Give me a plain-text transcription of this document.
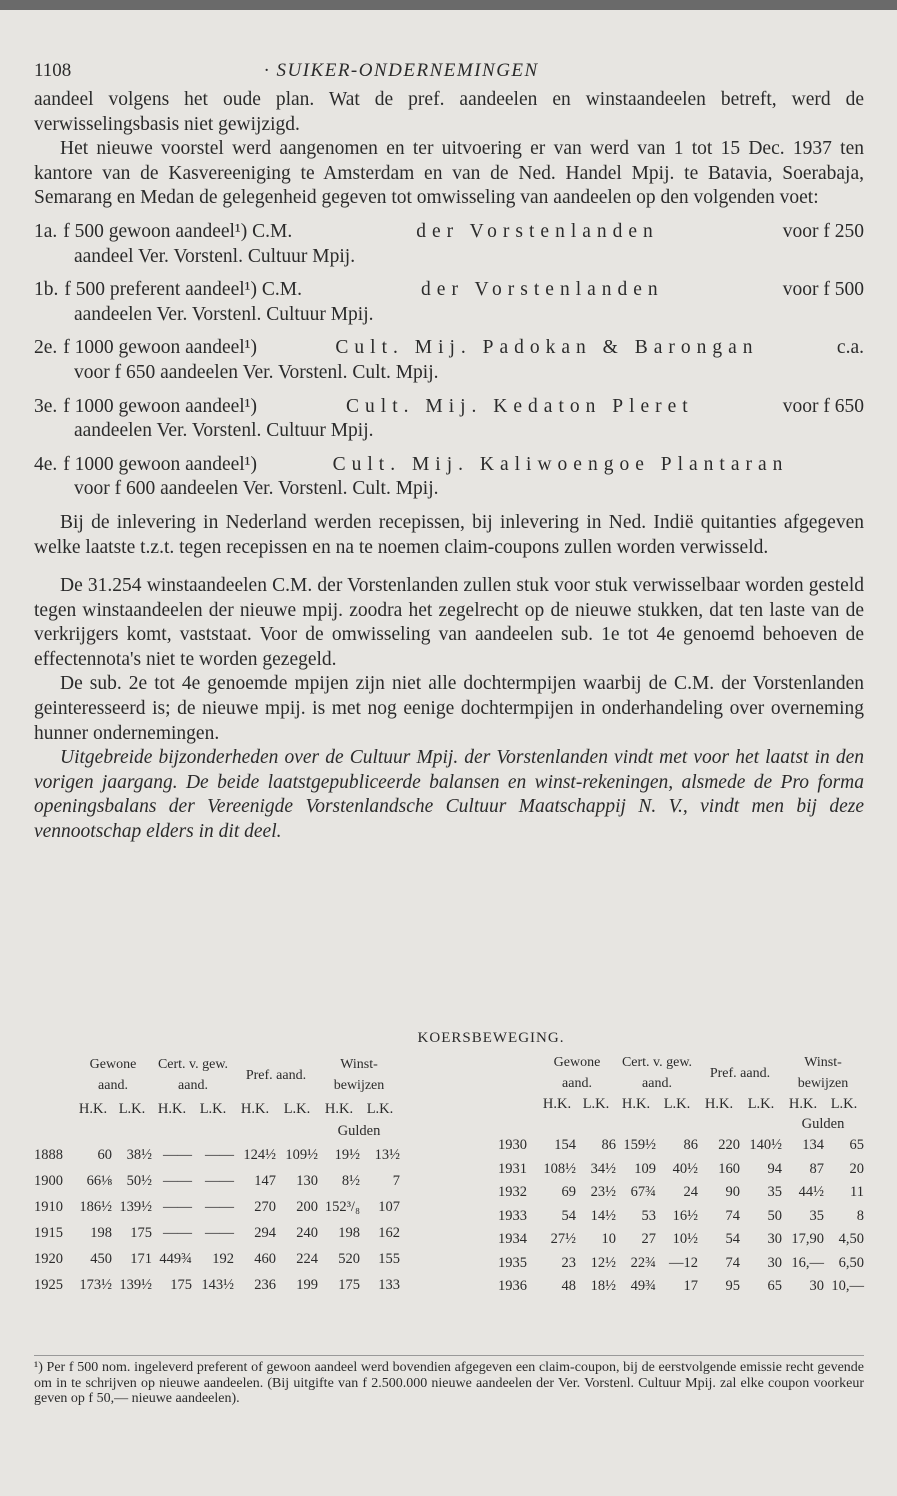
1108	· SUIKER-ONDERNEMINGEN

aandeel volgens het oude plan. Wat de pref. aandeelen en winstaandeelen betreft, werd de verwisselingsbasis niet gewijzigd.

Het nieuwe voorstel werd aangenomen en ter uitvoering er van werd van 1 tot 15 Dec. 1937 ten kantore van de Kasvereeniging te Amsterdam en van de Ned. Handel Mpij. te Batavia, Soerabaja, Semarang en Medan de gelegenheid gegeven tot omwisseling van aandeelen op den volgenden voet:

1a. f 500 gewoon aandeel¹) C.M.	der Vorstenlanden	voor f 250
aandeel Ver. Vorstenl. Cultuur Mpij.
1b. f 500 preferent aandeel¹) C.M.	der Vorstenlanden	voor f 500
aandeelen Ver. Vorstenl. Cultuur Mpij.
2e. f 1000 gewoon aandeel¹)	Cult. Mij. Padokan & Barongan	c.a.
voor f 650 aandeelen Ver. Vorstenl. Cult. Mpij.
3e. f 1000 gewoon aandeel¹)	Cult. Mij. Kedaton Pleret	voor f 650
aandeelen Ver. Vorstenl. Cultuur Mpij.
4e. f 1000 gewoon aandeel¹)	Cult. Mij. Kaliwoengoe Plantaran
voor f 600 aandeelen Ver. Vorstenl. Cult. Mpij.

Bij de inlevering in Nederland werden recepissen, bij inlevering in Ned. Indië quitanties afgegeven welke laatste t.z.t. tegen recepissen en na te noemen claim-coupons zullen worden verwisseld.

De 31.254 winstaandeelen C.M. der Vorstenlanden zullen stuk voor stuk verwisselbaar worden gesteld tegen winstaandeelen der nieuwe mpij. zoodra het zegelrecht op de nieuwe stukken, dat ten laste van de verkrijgers komt, vaststaat. Voor de omwisseling van aandeelen sub. 1e tot 4e genoemd behoeven de effectennota's niet te worden gezegeld.

De sub. 2e tot 4e genoemde mpijen zijn niet alle dochtermpijen waarbij de C.M. der Vorstenlanden geinteresseerd is; de nieuwe mpij. is met nog eenige dochtermpijen in onderhandeling over overneming hunner ondernemingen.

Uitgebreide bijzonderheden over de Cultuur Mpij. der Vorstenlanden vindt met voor het laatst in den vorigen jaargang. De beide laatstgepubliceerde balansen en winst-rekeningen, alsmede de Pro forma openingsbalans der Vereenigde Vorstenlandsche Cultuur Maatschappij N. V., vindt men bij deze vennootschap elders in dit deel.

KOERSBEWEGING.
	Gewone aand.		Cert. v. gew. aand.		Pref. aand.		Winst-bewijzen	
	H.K.	L.K.	H.K.	L.K.	H.K.	L.K.	H.K.	L.K.
							Gulden	
1888	60	38½	——	——	124½	109½	19½	13½
1900	66⅛	50½	——	——	147	130	8½	7
1910	186½	139½	——	——	270	200	152³/₈	107
1915	198	175	——	——	294	240	198	162
1920	450	171	449¾	192	460	224	520	155
1925	173½	139½	175	143½	236	199	175	133
	Gewone aand.		Cert. v. gew. aand.		Pref. aand.		Winst-bewijzen	
	H.K.	L.K.	H.K.	L.K.	H.K.	L.K.	H.K.	L.K.
							Gulden	
1930	154	86	159½	86	220	140½	134	65
1931	108½	34½	109	40½	160	94	87	20
1932	69	23½	67¾	24	90	35	44½	11
1933	54	14½	53	16½	74	50	35	8
1934	27½	10	27	10½	54	30	17,90	4,50
1935	23	12½	22¾	—12	74	30	16,—	6,50
1936	48	18½	49¾	17	95	65	30	10,—
¹) Per f 500 nom. ingeleverd preferent of gewoon aandeel werd bovendien afgegeven een claim-coupon, bij de eerstvolgende emissie recht gevende om in te schrijven op nieuwe aandeelen. (Bij uitgifte van f 2.500.000 nieuwe aandeelen der Ver. Vorstenl. Cultuur Mpij. zal elke coupon voorkeur geven op f 50,— nieuwe aandeelen).
